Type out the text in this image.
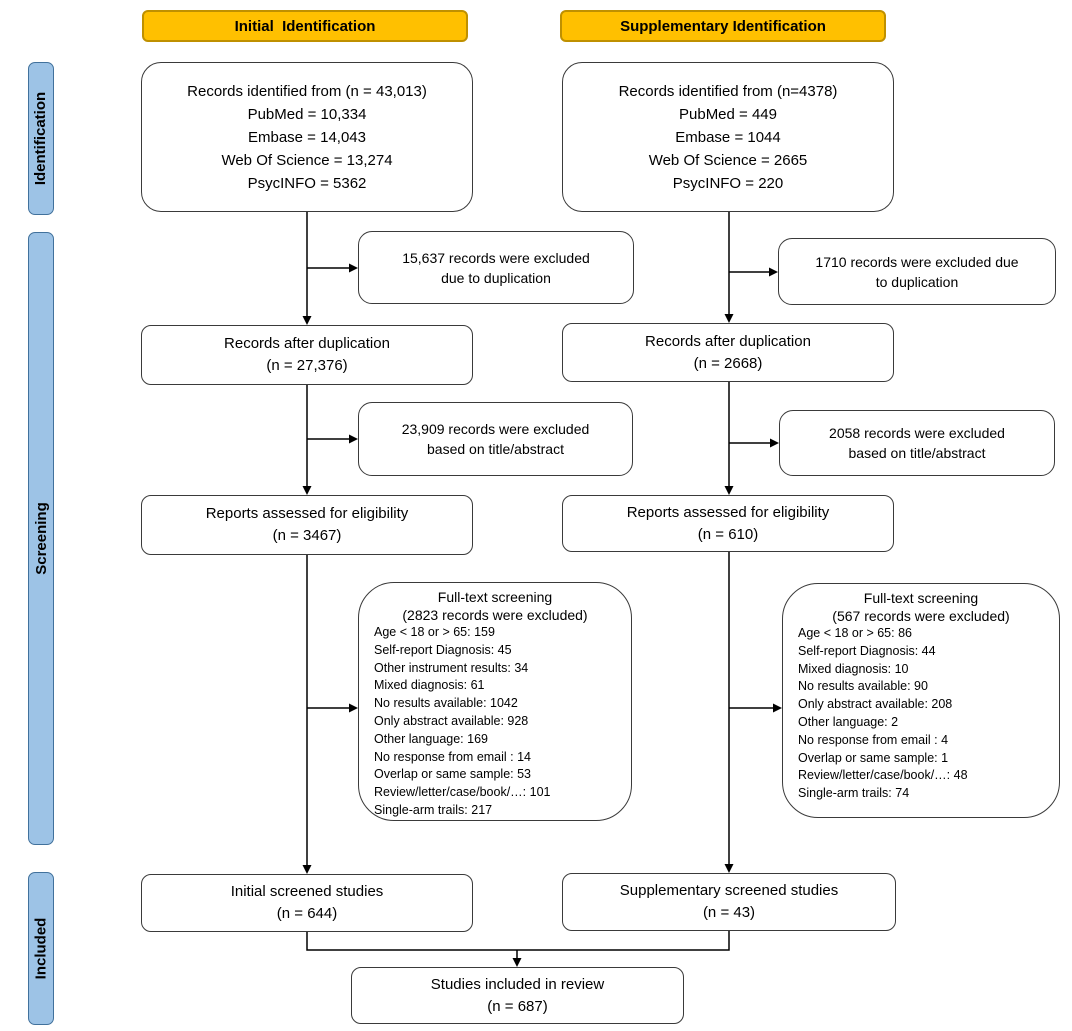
Initial  Identification	Supplementary Identification
Identification
Screening
Included
Records identified from (n = 43,013)
PubMed = 10,334
Embase = 14,043
Web Of Science = 13,274
PsycINFO = 5362
15,637 records were excluded
due to duplication
Records after duplication
(n = 27,376)
23,909 records were excluded
based on title/abstract
Reports assessed for eligibility
(n = 3467)
Full-text screening
(2823 records were excluded)
Age < 18 or > 65: 159
Self-report Diagnosis: 45
Other instrument results: 34
Mixed diagnosis: 61
No results available: 1042
Only abstract available: 928
Other language: 169
No response from email : 14
Overlap or same sample: 53
Review/letter/case/book/…: 101
Single-arm trails: 217
Initial screened studies
(n = 644)
Records identified from (n=4378)
PubMed = 449
Embase = 1044
Web Of Science = 2665
PsycINFO = 220
1710 records were excluded due
to duplication
Records after duplication
(n = 2668)
2058 records were excluded
based on title/abstract
Reports assessed for eligibility
(n = 610)
Full-text screening
(567 records were excluded)
Age < 18 or > 65: 86
Self-report Diagnosis: 44
Mixed diagnosis: 10
No results available: 90
Only abstract available: 208
Other language: 2
No response from email : 4
Overlap or same sample: 1
Review/letter/case/book/…: 48
Single-arm trails: 74
Supplementary screened studies
(n = 43)
Studies included in review
(n = 687)
